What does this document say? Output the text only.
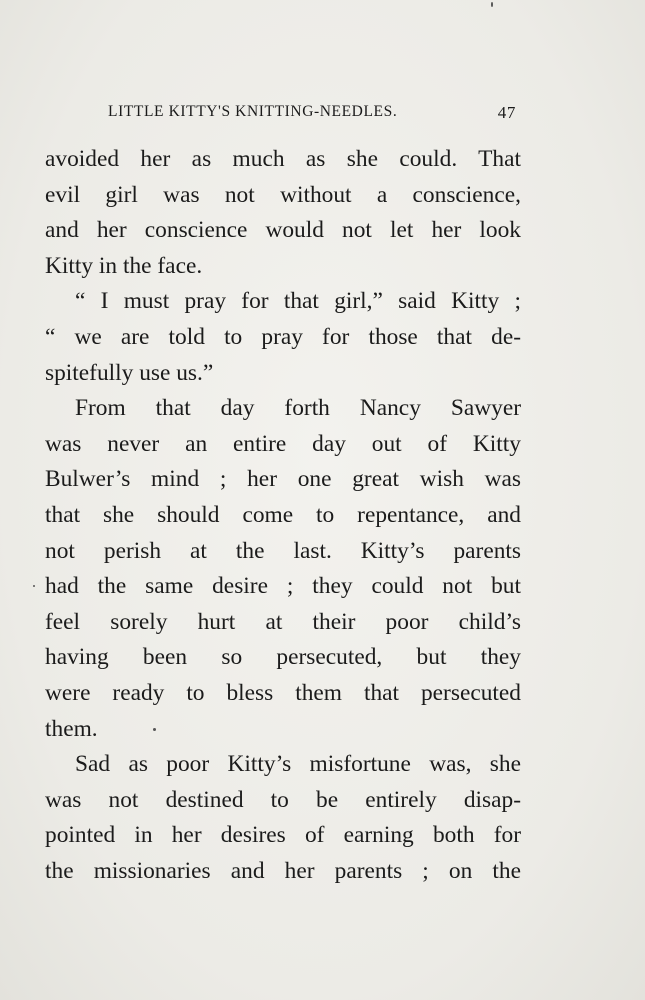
LITTLE KITTY'S KNITTING-NEEDLES.	47
avoided her as much as she could. That
evil girl was not without a conscience,
and her conscience would not let her look
Kitty in the face.
“ I must pray for that girl,” said Kitty ;
“ we are told to pray for those that de-
spitefully use us.”
From that day forth Nancy Sawyer
was never an entire day out of Kitty
Bulwer’s mind ; her one great wish was
that she should come to repentance, and
not perish at the last. Kitty’s parents
had the same desire ; they could not but
feel sorely hurt at their poor child’s
having been so persecuted, but they
were ready to bless them that persecuted
them.
Sad as poor Kitty’s misfortune was, she
was not destined to be entirely disap-
pointed in her desires of earning both for
the missionaries and her parents ; on the
